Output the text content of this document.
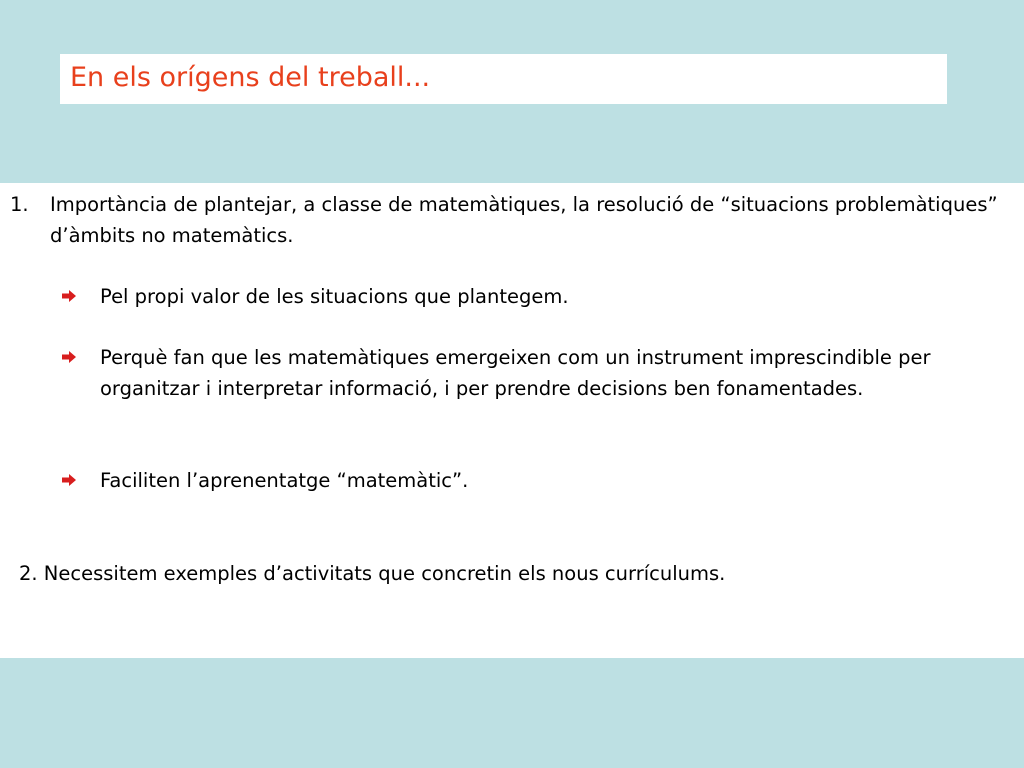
En els orígens del treball...
1. Importància de plantejar, a classe de matemàtiques, la resolució de “situacions problemàtiques” d’àmbits no matemàtics.
Pel propi valor de les situacions que plantegem.
Perquè fan que les matemàtiques emergeixen com un instrument imprescindible per organitzar i interpretar informació, i per prendre decisions ben fonamentades.
Faciliten l’aprenentatge “matemàtic”.
2. Necessitem exemples d’activitats que concretin els nous currículums.
